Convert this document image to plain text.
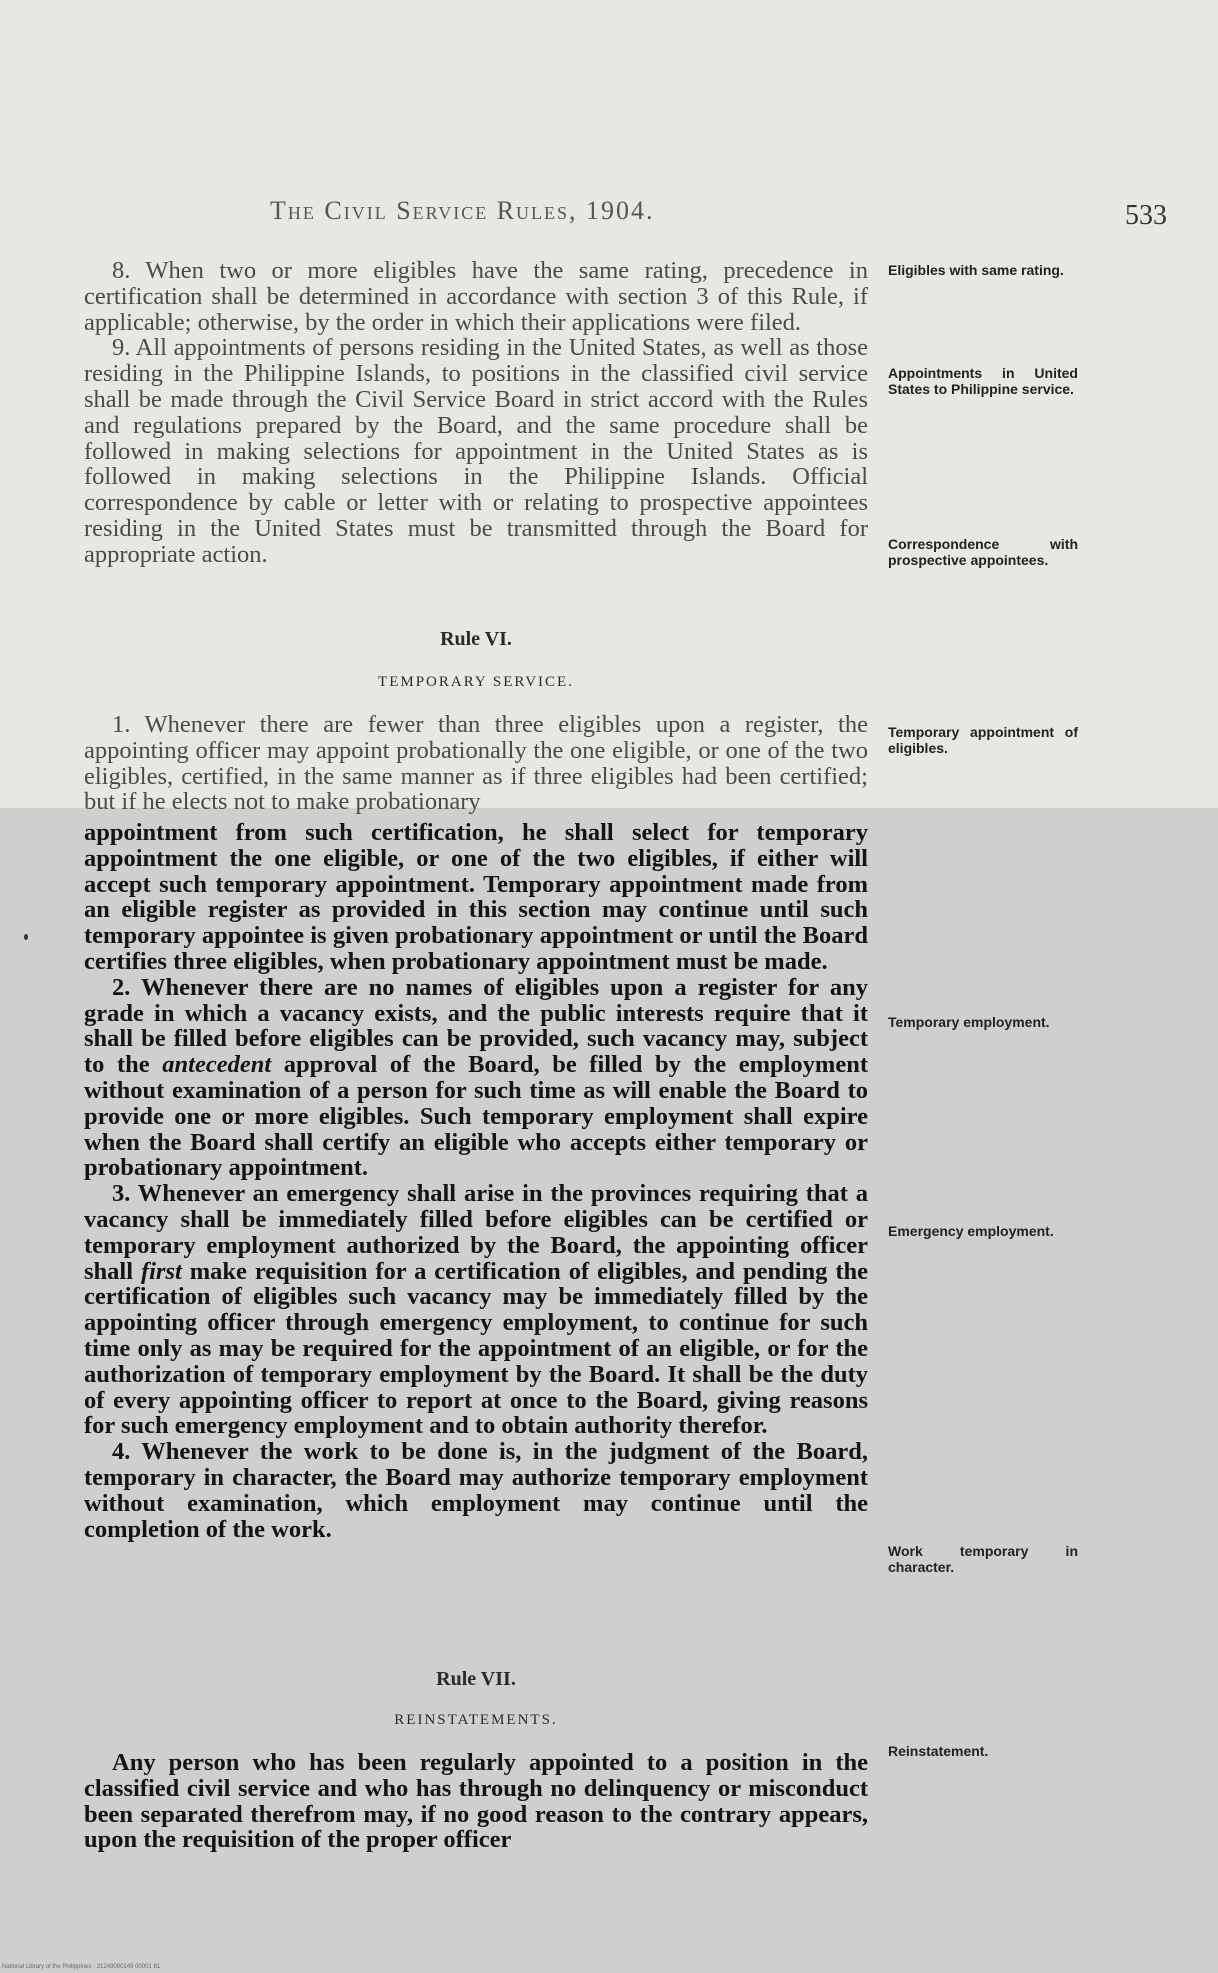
The Civil Service Rules, 1904.	533

8. When two or more eligibles have the same rating, precedence in certification shall be determined in accordance with section 3 of this Rule, if applicable; otherwise, by the order in which their applications were filed.

9. All appointments of persons residing in the United States, as well as those residing in the Philippine Islands, to positions in the classified civil service shall be made through the Civil Service Board in strict accord with the Rules and regulations prepared by the Board, and the same procedure shall be followed in making selections for appointment in the United States as is followed in making selections in the Philippine Islands. Official correspondence by cable or letter with or relating to prospective appointees residing in the United States must be transmitted through the Board for appropriate action.

Rule VI.
TEMPORARY SERVICE.

1. Whenever there are fewer than three eligibles upon a register, the appointing officer may appoint probationally the one eligible, or one of the two eligibles, certified, in the same manner as if three eligibles had been certified; but if he elects not to make probationary

appointment from such certification, he shall select for temporary appointment the one eligible, or one of the two eligibles, if either will accept such temporary appointment. Temporary appointment made from an eligible register as provided in this section may continue until such temporary appointee is given probationary appointment or until the Board certifies three eligibles, when probationary appointment must be made.

2. Whenever there are no names of eligibles upon a register for any grade in which a vacancy exists, and the public interests require that it shall be filled before eligibles can be provided, such vacancy may, subject to the antecedent approval of the Board, be filled by the employment without examination of a person for such time as will enable the Board to provide one or more eligibles. Such temporary employment shall expire when the Board shall certify an eligible who accepts either temporary or probationary appointment.

3. Whenever an emergency shall arise in the provinces requiring that a vacancy shall be immediately filled before eligibles can be certified or temporary employment authorized by the Board, the appointing officer shall first make requisition for a certification of eligibles, and pending the certification of eligibles such vacancy may be immediately filled by the appointing officer through emergency employment, to continue for such time only as may be required for the appointment of an eligible, or for the authorization of temporary employment by the Board. It shall be the duty of every appointing officer to report at once to the Board, giving reasons for such emergency employment and to obtain authority therefor.

4. Whenever the work to be done is, in the judgment of the Board, temporary in character, the Board may authorize temporary employment without examination, which employment may continue until the completion of the work.

Rule VII.
REINSTATEMENTS.

Any person who has been regularly appointed to a position in the classified civil service and who has through no delinquency or misconduct been separated therefrom may, if no good reason to the contrary appears, upon the requisition of the proper officer

Eligibles with same rating.
Appointments in United States to Philippine service.
Correspondence with prospective appointees.
Temporary appointment of eligibles.
Temporary employment.
Emergency employment.
Work temporary in character.
Reinstatement.
National Library of the Philippines · 21249000149 00001 81
